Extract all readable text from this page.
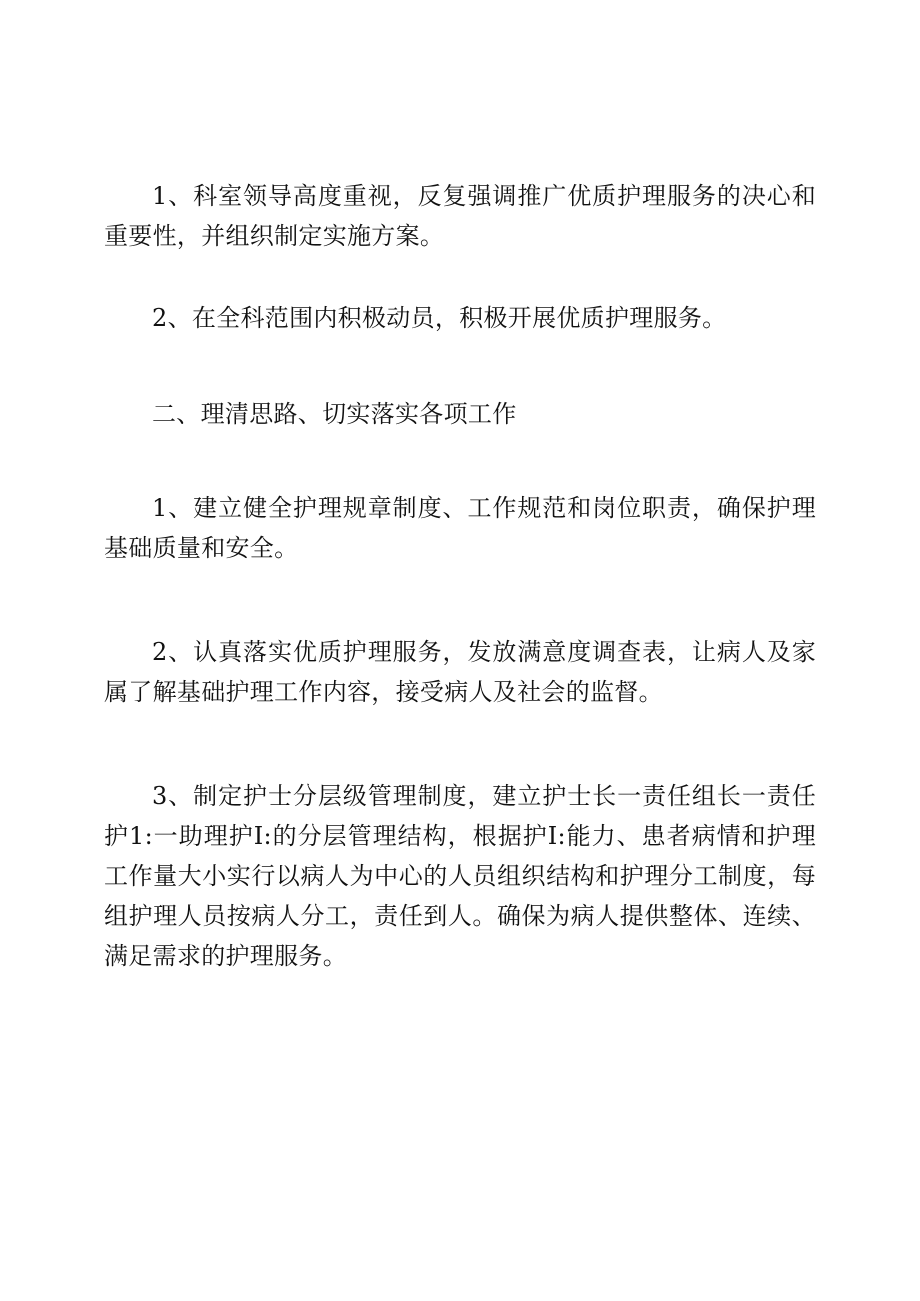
1、科室领导高度重视，反复强调推广优质护理服务的决心和重要性，并组织制定实施方案。

2、在全科范围内积极动员，积极开展优质护理服务。

二、理清思路、切实落实各项工作

1、建立健全护理规章制度、工作规范和岗位职责，确保护理基础质量和安全。

2、认真落实优质护理服务，发放满意度调查表，让病人及家属了解基础护理工作内容，接受病人及社会的监督。

3、制定护士分层级管理制度，建立护士长一责任组长一责任护1:一助理护I:的分层管理结构，根据护I:能力、患者病情和护理工作量大小实行以病人为中心的人员组织结构和护理分工制度，每组护理人员按病人分工，责任到人。确保为病人提供整体、连续、满足需求的护理服务。
